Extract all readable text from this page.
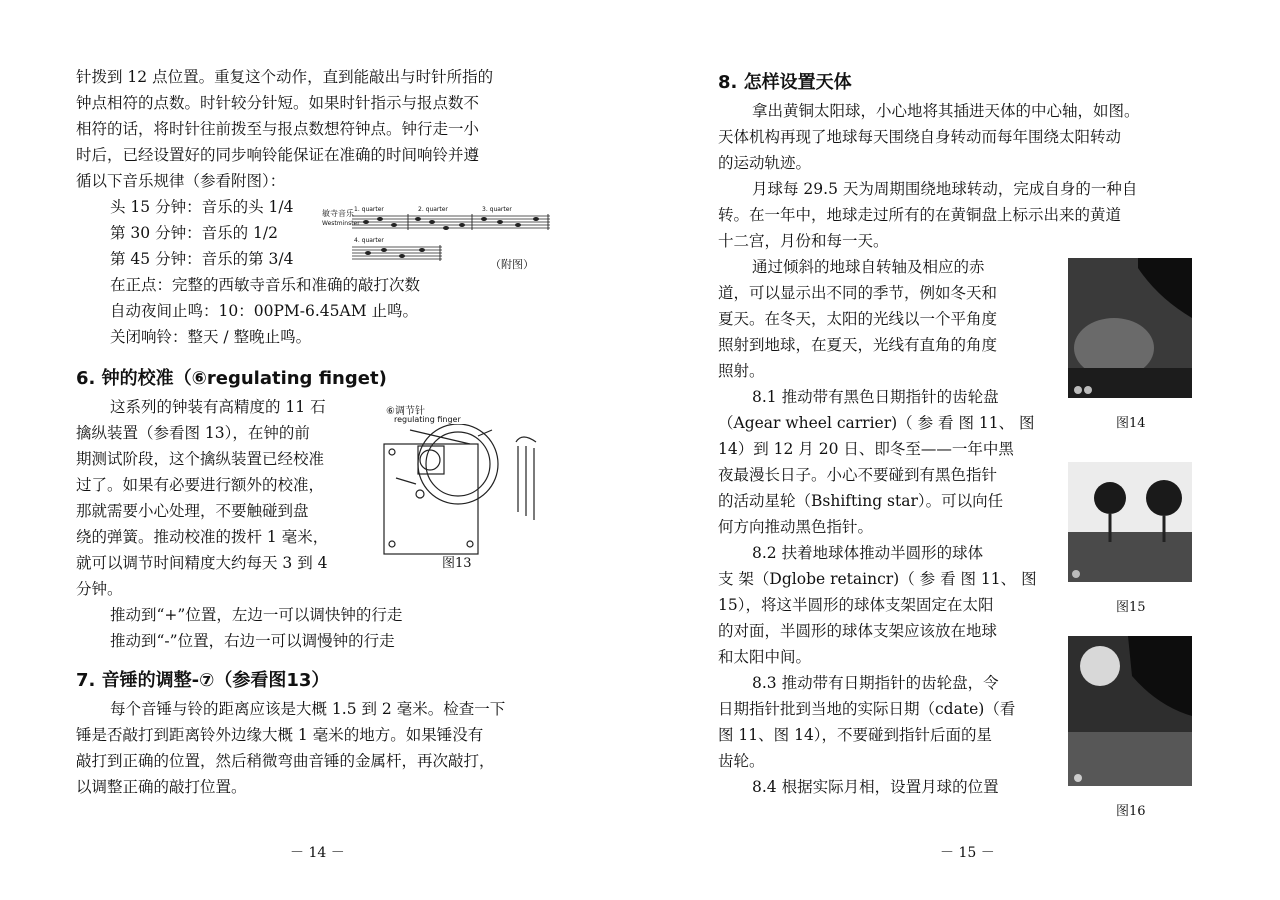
针拨到 12 点位置。重复这个动作，直到能敲出与时针所指的
钟点相符的点数。时针较分针短。如果时针指示与报点数不
相符的话，将时针往前拨至与报点数想符钟点。钟行走一小
时后，已经设置好的同步响铃能保证在准确的时间响铃并遵
循以下音乐规律（参看附图）：
头 15 分钟：音乐的头 1/4
第 30 分钟：音乐的 1/2
第 45 分钟：音乐的第 3/4
在正点：完整的西敏寺音乐和准确的敲打次数
自动夜间止鸣：10：00PM-6.45AM 止鸣。
关闭响铃：整天 / 整晚止鸣。
敏寺音乐
Westminster
1. quarter	2. quarter	3. quarter
4. quarter
（附图）
6. 钟的校准（⑥regulating finget)
这系列的钟装有高精度的 11 石
擒纵装置（参看图 13），在钟的前
期测试阶段，这个擒纵装置已经校准
过了。如果有必要进行额外的校准，
那就需要小心处理，不要触碰到盘
绕的弹簧。推动校准的拨杆 1 毫米，
就可以调节时间精度大约每天 3 到 4
分钟。
⑥调节针
regulating finger
图13
推动到“+”位置，左边一可以调快钟的行走
推动到“-”位置，右边一可以调慢钟的行走
7. 音锤的调整-⑦（参看图13）
每个音锤与铃的距离应该是大概 1.5 到 2 毫米。检查一下
锤是否敲打到距离铃外边缘大概 1 毫米的地方。如果锤没有
敲打到正确的位置，然后稍微弯曲音锤的金属杆，再次敲打，
以调整正确的敲打位置。
－ 14 －
8. 怎样设置天体
拿出黄铜太阳球，小心地将其插进天体的中心轴，如图。
天体机构再现了地球每天围绕自身转动而每年围绕太阳转动
的运动轨迹。
月球每 29.5 天为周期围绕地球转动，完成自身的一种自
转。在一年中，地球走过所有的在黄铜盘上标示出来的黄道
十二宫，月份和每一天。
通过倾斜的地球自转轴及相应的赤
道，可以显示出不同的季节，例如冬天和
夏天。在冬天，太阳的光线以一个平角度
照射到地球，在夏天，光线有直角的角度
照射。
8.1 推动带有黑色日期指针的齿轮盘
（Agear wheel carrier)（ 参 看 图 11、 图
14）到 12 月 20 日、即冬至——一年中黑
夜最漫长日子。小心不要碰到有黑色指针
的活动星轮（Bshifting star）。可以向任
何方向推动黑色指针。
8.2 扶着地球体推动半圆形的球体
支 架（Dglobe retaincr)（ 参 看 图 11、 图
15），将这半圆形的球体支架固定在太阳
的对面，半圆形的球体支架应该放在地球
和太阳中间。
8.3 推动带有日期指针的齿轮盘，令
日期指针批到当地的实际日期（cdate)（看
图 11、图 14），不要碰到指针后面的星
齿轮。
8.4 根据实际月相，设置月球的位置
图14
图15
图16
－ 15 －
